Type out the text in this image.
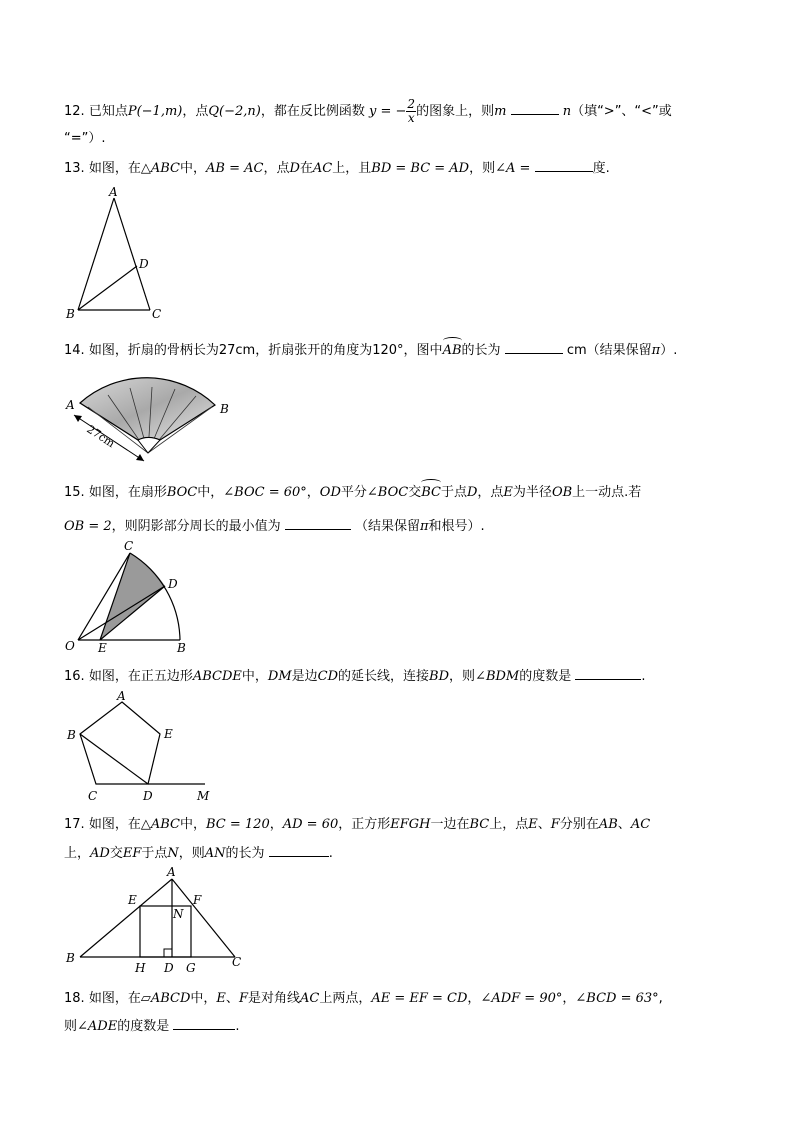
12. 已知点P(−1,m)，点Q(−2,n)，都在反比例函数 y = − $\frac{2}{x}$ 的图象上，则m	n（填“>”、“<”或
“=”）.
13. 如图，在△ABC中，AB = AC，点D在AC上，且BD = BC = AD，则∠A =	度.
A
D
B	C
14. 如图，折扇的骨柄长为27cm，折扇张开的角度为120°，图中AB的长为	cm（结果保留π）.
A	B
27cm
15. 如图，在扇形BOC中，∠BOC = 60°，OD平分∠BOC交BC于点D，点E为半径OB上一动点.若
OB = 2，则阴影部分周长的最小值为	（结果保留π和根号）.
C
D
O E	B
16. 如图，在正五边形ABCDE中，DM是边CD的延长线，连接BD，则∠BDM的度数是	.
A
B	E
C	D	M
17. 如图，在△ABC中，BC = 120，AD = 60，正方形EFGH一边在BC上，点E、F分别在AB、AC
上，AD交EF于点N，则AN的长为	.
A
E	F
N
B
H D G	C
18. 如图，在▱ABCD中，E、F是对角线AC上两点，AE = EF = CD，∠ADF = 90°，∠BCD = 63°,
则∠ADE的度数是	.
